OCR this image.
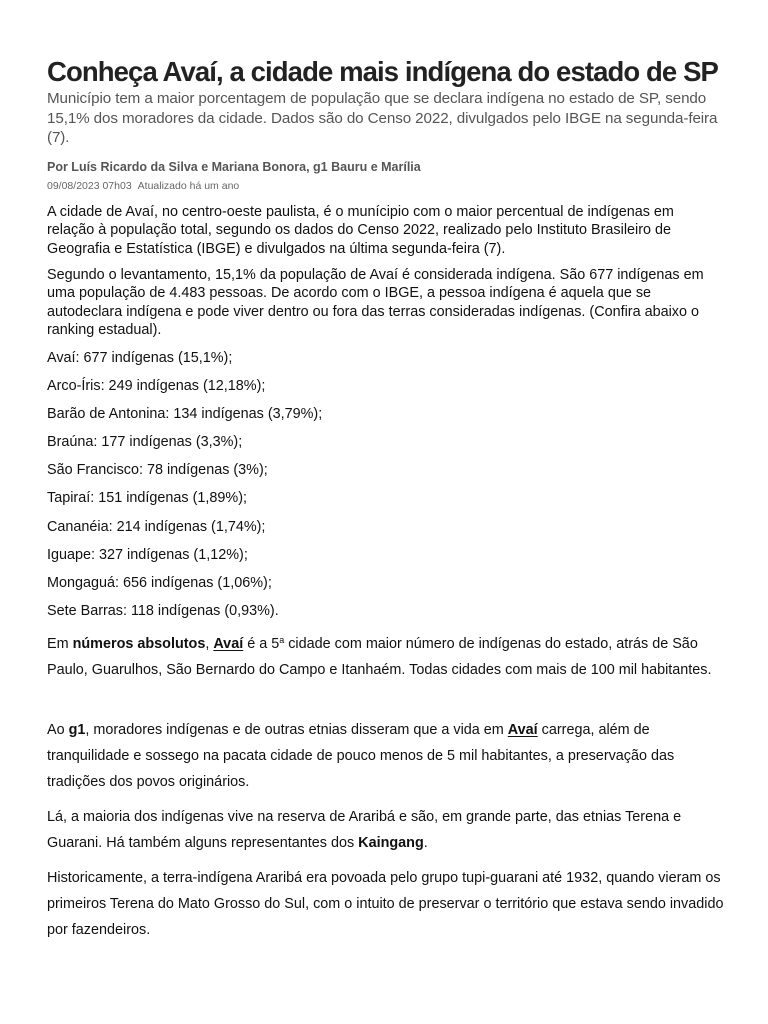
Conheça Avaí, a cidade mais indígena do estado de SP

Município tem a maior porcentagem de população que se declara indígena no estado de SP, sendo 15,1% dos moradores da cidade. Dados são do Censo 2022, divulgados pelo IBGE na segunda-feira (7).

Por Luís Ricardo da Silva e Mariana Bonora, g1 Bauru e Marília

09/08/2023 07h03 Atualizado há um ano

A cidade de Avaí, no centro-oeste paulista, é o munícipio com o maior percentual de indígenas em relação à população total, segundo os dados do Censo 2022, realizado pelo Instituto Brasileiro de Geografia e Estatística (IBGE) e divulgados na última segunda-feira (7).

Segundo o levantamento, 15,1% da população de Avaí é considerada indígena. São 677 indígenas em uma população de 4.483 pessoas. De acordo com o IBGE, a pessoa indígena é aquela que se autodeclara indígena e pode viver dentro ou fora das terras consideradas indígenas. (Confira abaixo o ranking estadual).

Avaí: 677 indígenas (15,1%);
Arco-Íris: 249 indígenas (12,18%);
Barão de Antonina: 134 indígenas (3,79%);
Braúna: 177 indígenas (3,3%);
São Francisco: 78 indígenas (3%);
Tapiraí: 151 indígenas (1,89%);
Cananéia: 214 indígenas (1,74%);
Iguape: 327 indígenas (1,12%);
Mongaguá: 656 indígenas (1,06%);
Sete Barras: 118 indígenas (0,93%).

Em números absolutos, Avaí é a 5$^a$ cidade com maior número de indígenas do estado, atrás de São Paulo, Guarulhos, São Bernardo do Campo e Itanhaém. Todas cidades com mais de 100 mil habitantes.

Ao g1, moradores indígenas e de outras etnias disseram que a vida em Avaí carrega, além de tranquilidade e sossego na pacata cidade de pouco menos de 5 mil habitantes, a preservação das tradições dos povos originários.

Lá, a maioria dos indígenas vive na reserva de Araribá e são, em grande parte, das etnias Terena e Guarani. Há também alguns representantes dos Kaingang.

Historicamente, a terra-indígena Araribá era povoada pelo grupo tupi-guarani até 1932, quando vieram os primeiros Terena do Mato Grosso do Sul, com o intuito de preservar o território que estava sendo invadido por fazendeiros.
